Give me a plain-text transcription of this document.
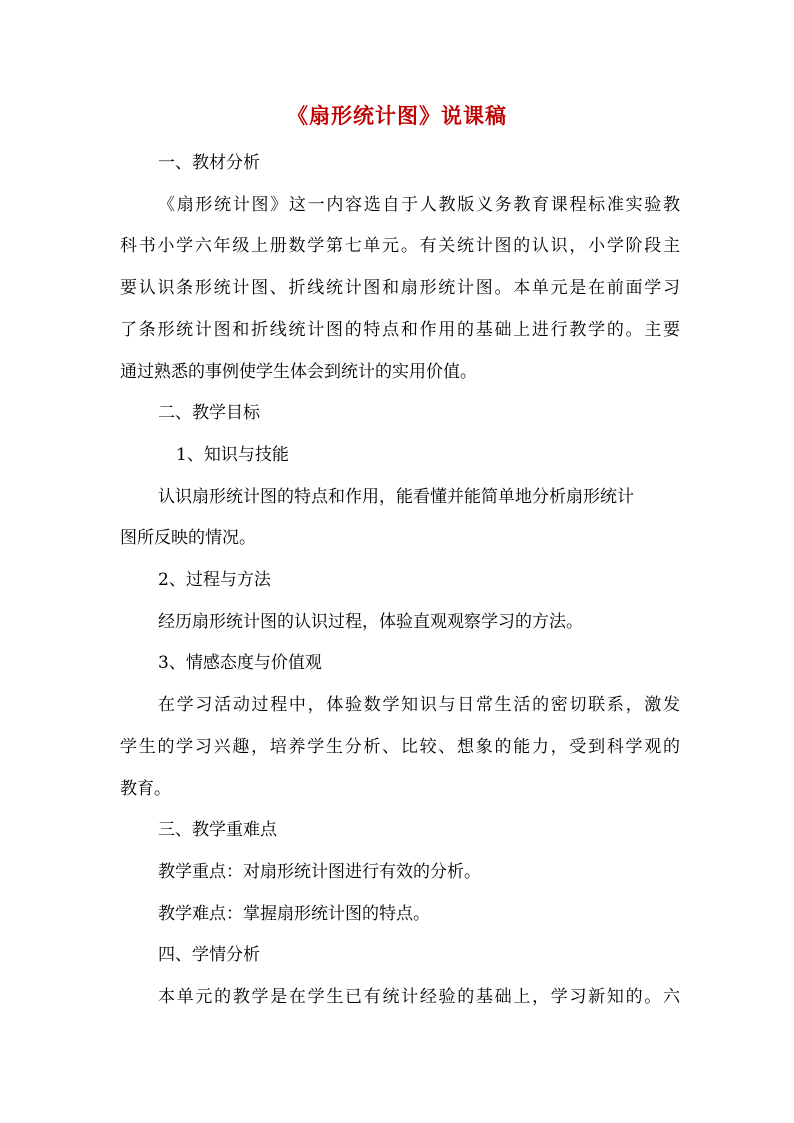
《扇形统计图》说课稿

一、教材分析

《扇形统计图》这一内容选自于人教版义务教育课程标准实验教

科书小学六年级上册数学第七单元。有关统计图的认识，小学阶段主

要认识条形统计图、折线统计图和扇形统计图。本单元是在前面学习

了条形统计图和折线统计图的特点和作用的基础上进行教学的。主要

通过熟悉的事例使学生体会到统计的实用价值。

二、教学目标

1、知识与技能

认识扇形统计图的特点和作用，能看懂并能简单地分析扇形统计

图所反映的情况。

2、过程与方法

经历扇形统计图的认识过程，体验直观观察学习的方法。

3、情感态度与价值观

在学习活动过程中，体验数学知识与日常生活的密切联系，激发

学生的学习兴趣，培养学生分析、比较、想象的能力，受到科学观的

教育。

三、教学重难点

教学重点：对扇形统计图进行有效的分析。

教学难点：掌握扇形统计图的特点。

四、学情分析

本单元的教学是在学生已有统计经验的基础上，学习新知的。六
